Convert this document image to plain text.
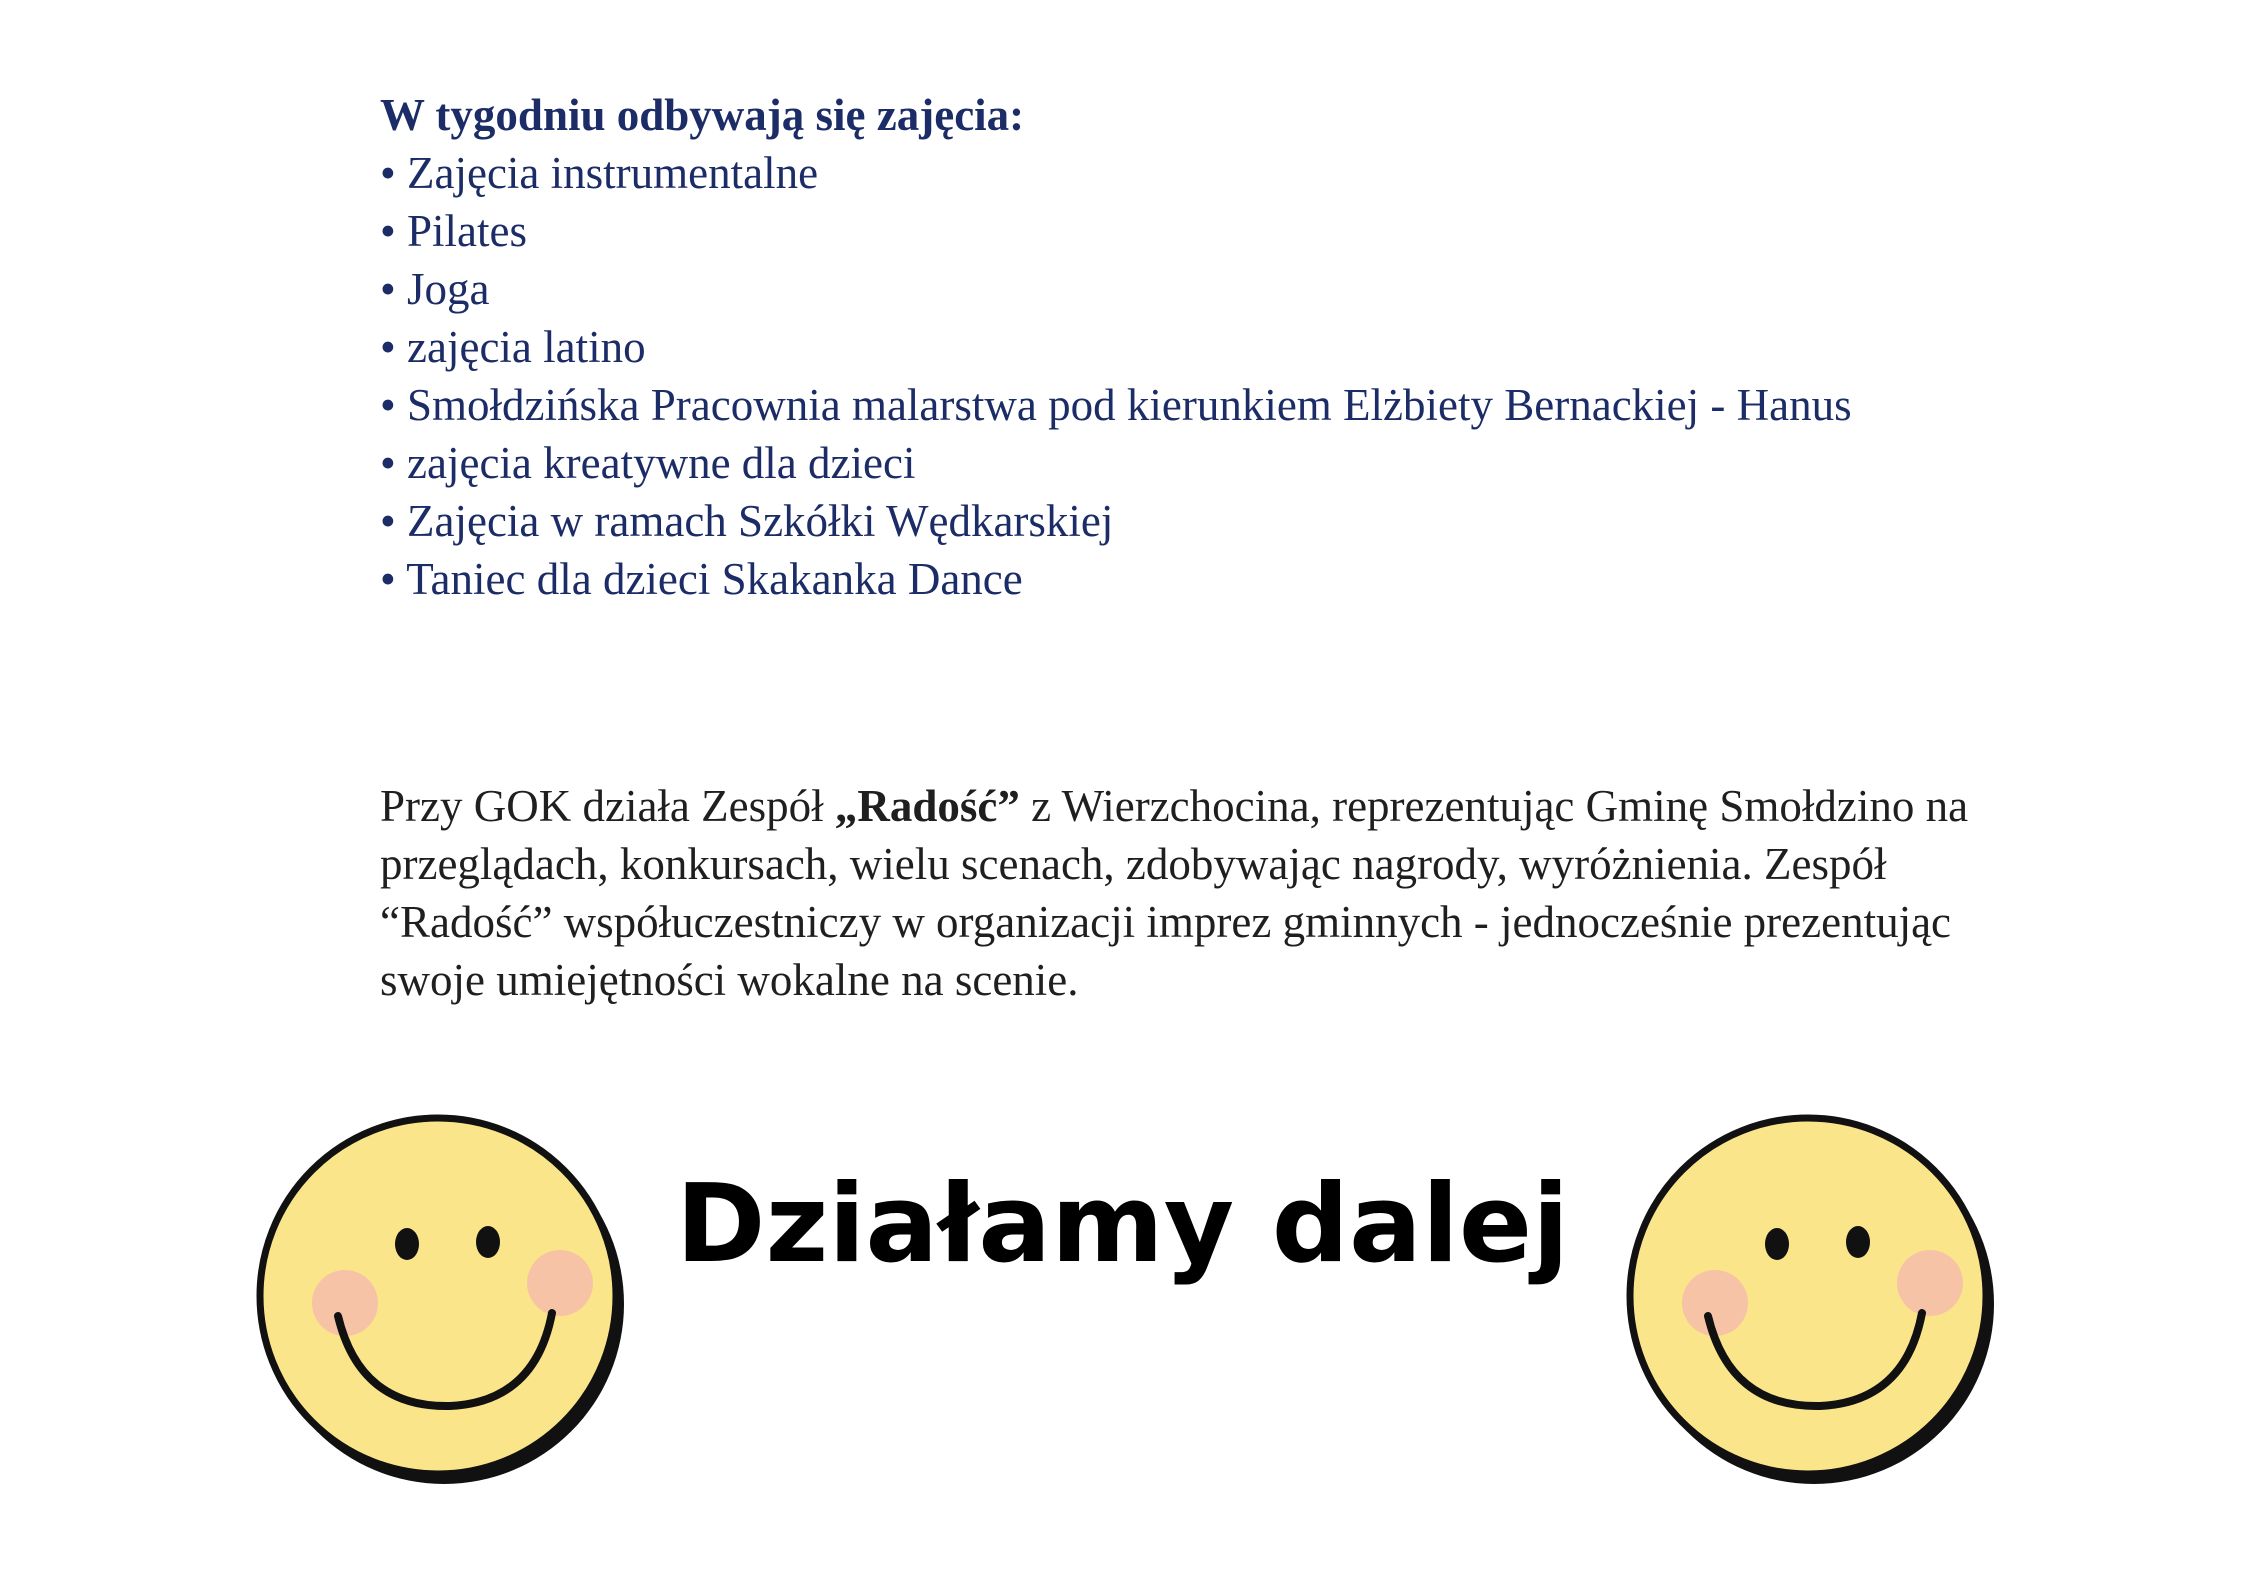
W tygodniu odbywają się zajęcia:

• Zajęcia instrumentalne
• Pilates
• Joga
• zajęcia latino
• Smołdzińska Pracownia malarstwa pod kierunkiem Elżbiety Bernackiej - Hanus
• zajęcia kreatywne dla dzieci
• Zajęcia w ramach Szkółki Wędkarskiej
• Taniec dla dzieci Skakanka Dance

Przy GOK działa Zespół „Radość” z Wierzchocina, reprezentując Gminę Smołdzino na przeglądach, konkursach, wielu scenach, zdobywając nagrody, wyróżnienia. Zespół “Radość” współuczestniczy w organizacji imprez gminnych - jednocześnie prezentując swoje umiejętności wokalne na scenie.

Działamy dalej
